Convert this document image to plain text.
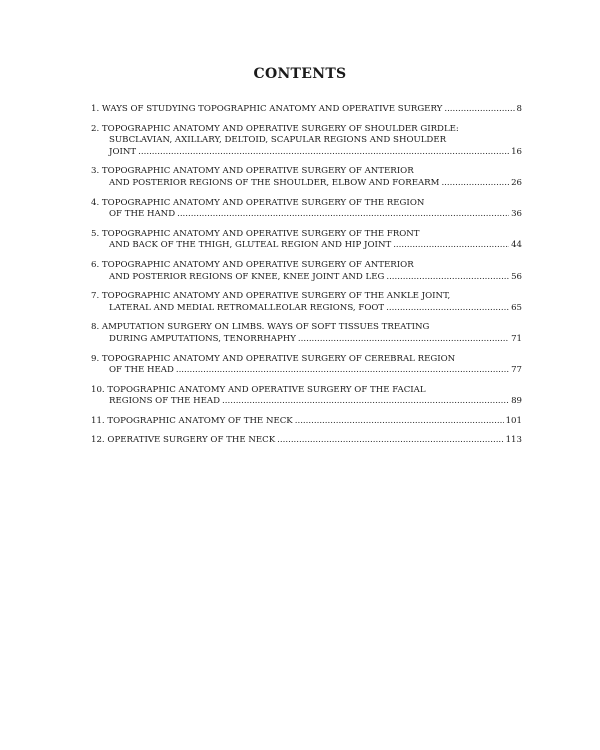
CONTENTS
1. WAYS OF STUDYING TOPOGRAPHIC ANATOMY AND OPERATIVE SURGERY .....	8
2. TOPOGRAPHIC ANATOMY AND OPERATIVE SURGERY OF SHOULDER GIRDLE:
SUBCLAVIAN, AXILLARY, DELTOID, SCAPULAR REGIONS AND SHOULDER
JOINT .....	16
3. TOPOGRAPHIC ANATOMY AND OPERATIVE SURGERY OF ANTERIOR
AND POSTERIOR REGIONS OF THE SHOULDER, ELBOW AND FOREARM .....	26
4. TOPOGRAPHIC ANATOMY AND OPERATIVE SURGERY OF THE REGION
OF THE HAND .....	36
5. TOPOGRAPHIC ANATOMY AND OPERATIVE SURGERY OF THE FRONT
AND BACK OF THE THIGH, GLUTEAL REGION AND HIP JOINT .....	44
6. TOPOGRAPHIC ANATOMY AND OPERATIVE SURGERY OF ANTERIOR
AND POSTERIOR REGIONS OF KNEE, KNEE JOINT AND LEG .....	56
7. TOPOGRAPHIC ANATOMY AND OPERATIVE SURGERY OF THE ANKLE JOINT,
LATERAL AND MEDIAL RETROMALLEOLAR REGIONS, FOOT .....	65
8. AMPUTATION SURGERY ON LIMBS. WAYS OF SOFT TISSUES TREATING
DURING AMPUTATIONS, TENORRHAPHY .....	71
9. TOPOGRAPHIC ANATOMY AND OPERATIVE SURGERY OF CEREBRAL REGION
OF THE HEAD .....	77
10. TOPOGRAPHIC ANATOMY AND OPERATIVE SURGERY OF THE FACIAL
REGIONS OF THE HEAD .....	89
11. TOPOGRAPHIC ANATOMY OF THE NECK .....	101
12. OPERATIVE SURGERY OF THE NECK .....	113
